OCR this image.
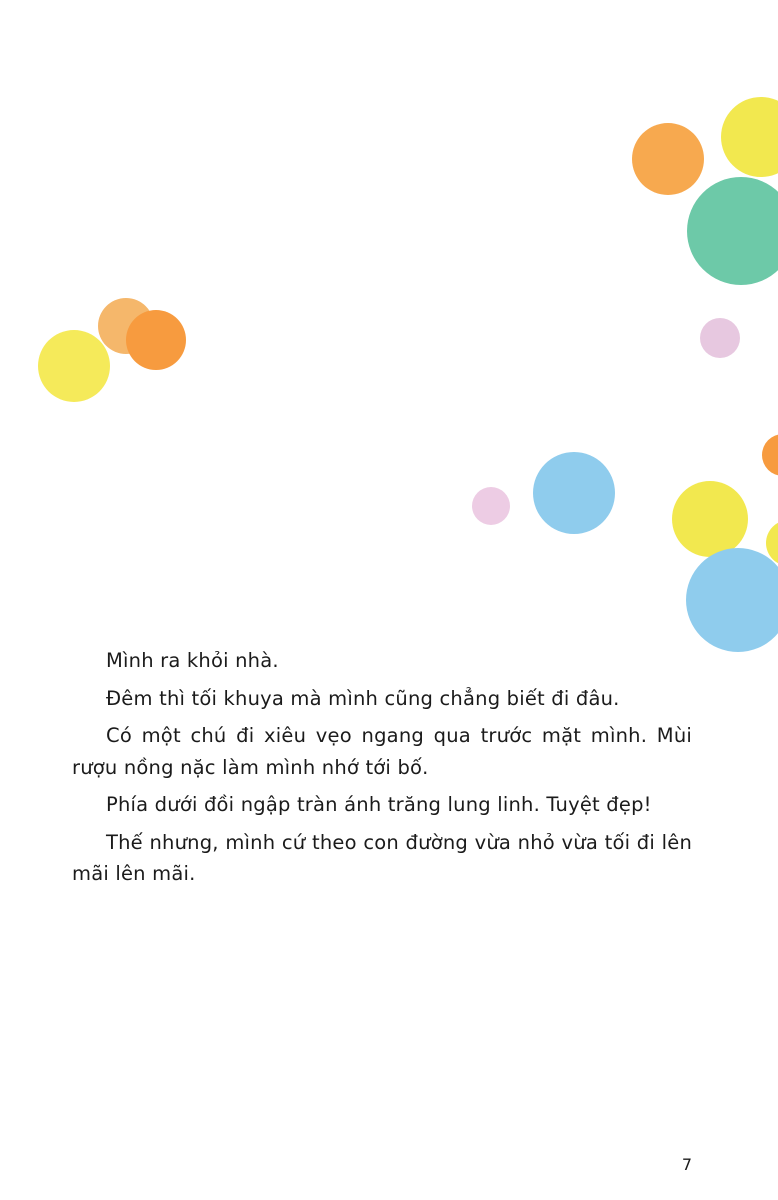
Mình ra khỏi nhà.

Đêm thì tối khuya mà mình cũng chẳng biết đi đâu.

Có một chú đi xiêu vẹo ngang qua trước mặt mình. Mùi rượu nồng nặc làm mình nhớ tới bố.

Phía dưới đồi ngập tràn ánh trăng lung linh. Tuyệt đẹp!

Thế nhưng, mình cứ theo con đường vừa nhỏ vừa tối đi lên mãi lên mãi.

7
